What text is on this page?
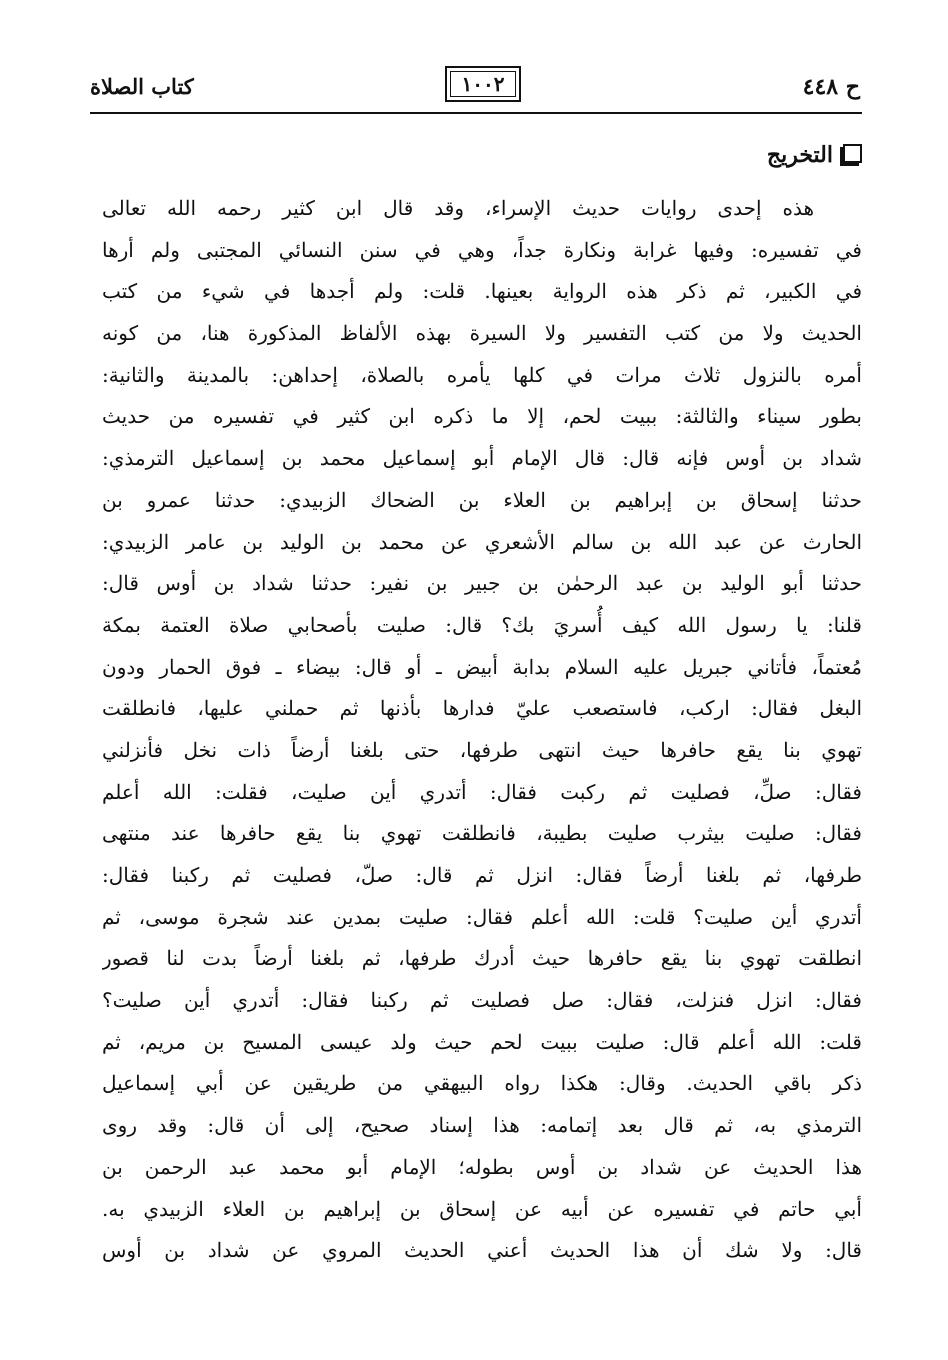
ح ٤٤٨
١٠٠٢
كتاب الصلاة
التخريج
هذه إحدى روايات حديث الإسراء، وقد قال ابن كثير رحمه الله تعالى
في تفسيره: وفيها غرابة ونكارة جداً، وهي في سنن النسائي المجتبى ولم أرها
في الكبير، ثم ذكر هذه الرواية بعينها. قلت: ولم أجدها في شيء من كتب
الحديث ولا من كتب التفسير ولا السيرة بهذه الألفاظ المذكورة هنا، من كونه
أمره بالنزول ثلاث مرات في كلها يأمره بالصلاة، إحداهن: بالمدينة والثانية:
بطور سيناء والثالثة: ببيت لحم، إلا ما ذكره ابن كثير في تفسيره من حديث
شداد بن أوس فإنه قال: قال الإمام أبو إسماعيل محمد بن إسماعيل الترمذي:
حدثنا إسحاق بن إبراهيم بن العلاء بن الضحاك الزبيدي: حدثنا عمرو بن
الحارث عن عبد الله بن سالم الأشعري عن محمد بن الوليد بن عامر الزبيدي:
حدثنا أبو الوليد بن عبد الرحمٰن بن جبير بن نفير: حدثنا شداد بن أوس قال:
قلنا: يا رسول الله كيف أُسريَ بك؟ قال: صليت بأصحابي صلاة العتمة بمكة
مُعتماً، فأتاني جبريل عليه السلام بدابة أبيض ـ أو قال: بيضاء ـ فوق الحمار ودون
البغل فقال: اركب، فاستصعب عليّ فدارها بأذنها ثم حملني عليها، فانطلقت
تهوي بنا يقع حافرها حيث انتهى طرفها، حتى بلغنا أرضاً ذات نخل فأنزلني
فقال: صلِّ، فصليت ثم ركبت فقال: أتدري أين صليت، فقلت: الله أعلم
فقال: صليت بيثرب صليت بطيبة، فانطلقت تهوي بنا يقع حافرها عند منتهى
طرفها، ثم بلغنا أرضاً فقال: انزل ثم قال: صلّ، فصليت ثم ركبنا فقال:
أتدري أين صليت؟ قلت: الله أعلم فقال: صليت بمدين عند شجرة موسى، ثم
انطلقت تهوي بنا يقع حافرها حيث أدرك طرفها، ثم بلغنا أرضاً بدت لنا قصور
فقال: انزل فنزلت، فقال: صل فصليت ثم ركبنا فقال: أتدري أين صليت؟
قلت: الله أعلم قال: صليت ببيت لحم حيث ولد عيسى المسيح بن مريم، ثم
ذكر باقي الحديث. وقال: هكذا رواه البيهقي من طريقين عن أبي إسماعيل
الترمذي به، ثم قال بعد إتمامه: هذا إسناد صحيح، إلى أن قال: وقد روى
هذا الحديث عن شداد بن أوس بطوله؛ الإمام أبو محمد عبد الرحمن بن
أبي حاتم في تفسيره عن أبيه عن إسحاق بن إبراهيم بن العلاء الزبيدي به.
قال: ولا شك أن هذا الحديث أعني الحديث المروي عن شداد بن أوس
